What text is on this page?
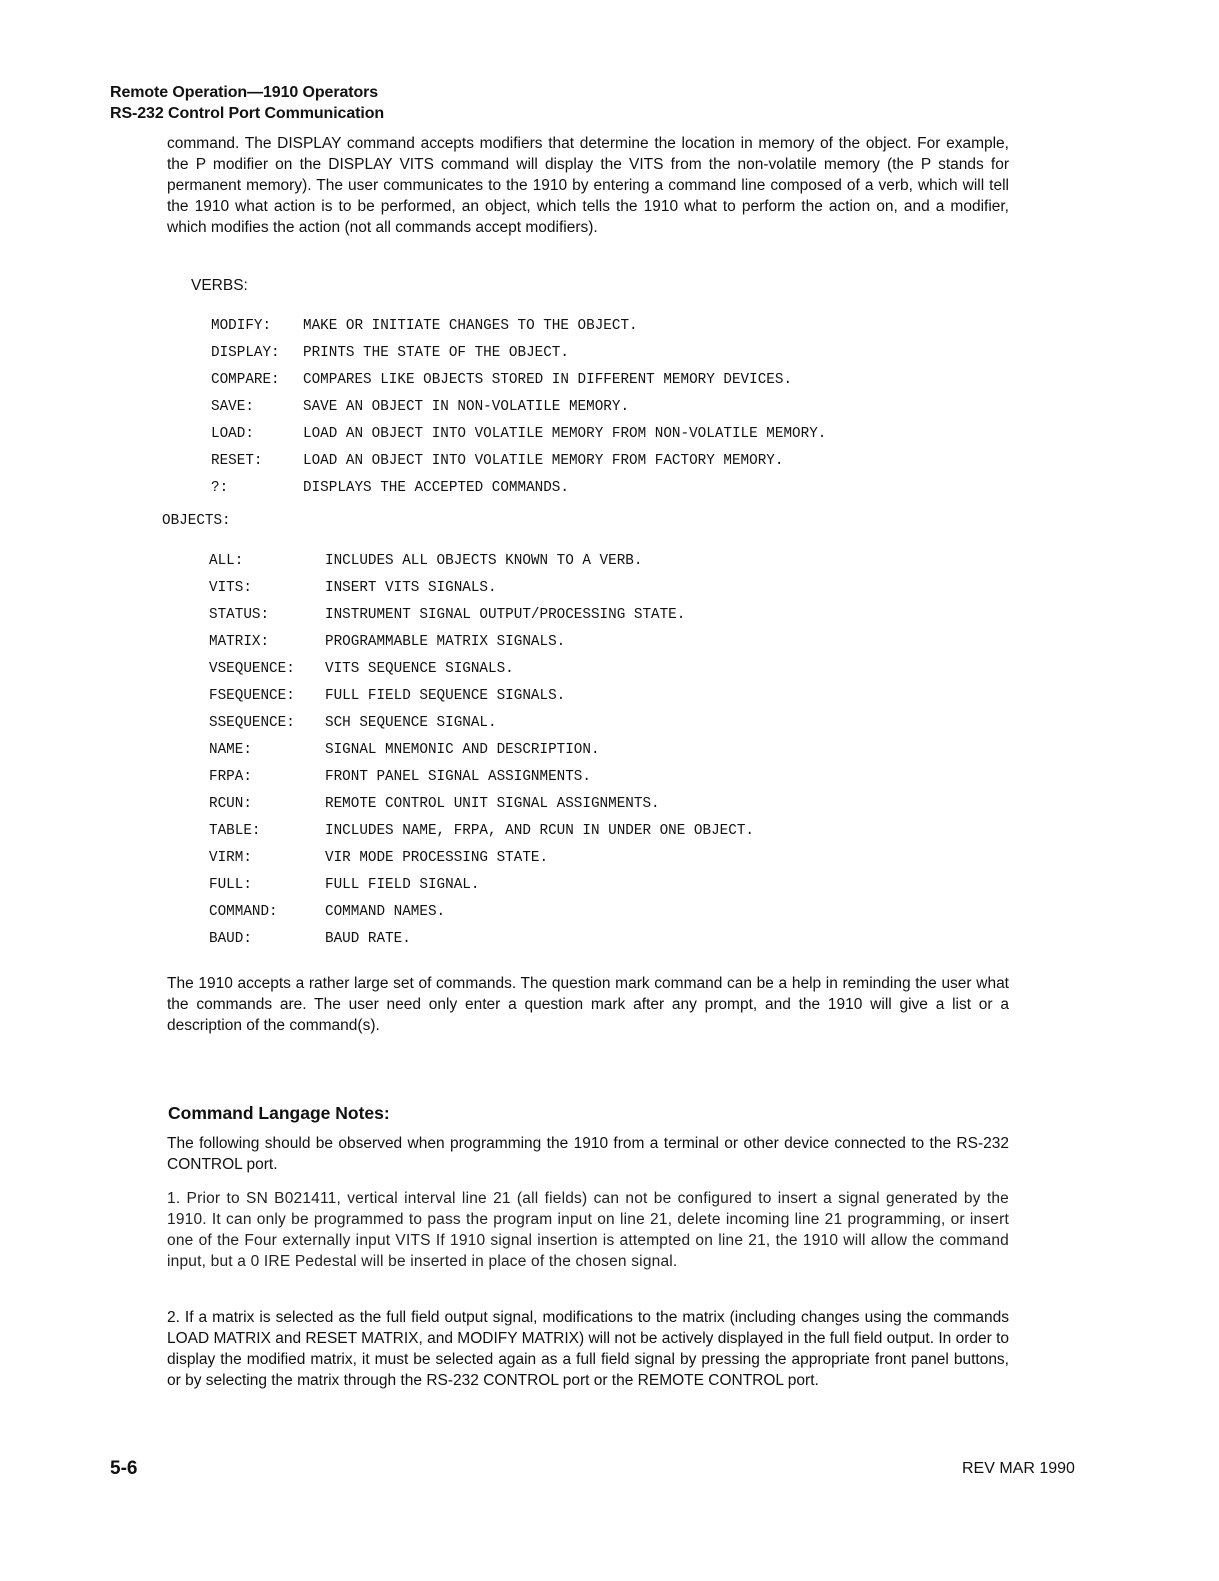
Remote Operation—1910 Operators
RS-232 Control Port Communication
command. The DISPLAY command accepts modifiers that determine the location in memory of the object. For example, the P modifier on the DISPLAY VITS command will display the VITS from the non-volatile memory (the P stands for permanent memory). The user communicates to the 1910 by entering a command line composed of a verb, which will tell the 1910 what action is to be performed, an object, which tells the 1910 what to perform the action on, and a modifier, which modifies the action (not all commands accept modifiers).
VERBS:
MODIFY: MAKE OR INITIATE CHANGES TO THE OBJECT.
DISPLAY: PRINTS THE STATE OF THE OBJECT.
COMPARE: COMPARES LIKE OBJECTS STORED IN DIFFERENT MEMORY DEVICES.
SAVE:	SAVE AN OBJECT IN NON-VOLATILE MEMORY.
LOAD:	LOAD AN OBJECT INTO VOLATILE MEMORY FROM NON-VOLATILE MEMORY.
RESET:	LOAD AN OBJECT INTO VOLATILE MEMORY FROM FACTORY MEMORY.
?:	DISPLAYS THE ACCEPTED COMMANDS.
OBJECTS:
ALL:	INCLUDES ALL OBJECTS KNOWN TO A VERB.
VITS:	INSERT VITS SIGNALS.
STATUS:	INSTRUMENT SIGNAL OUTPUT/PROCESSING STATE.
MATRIX:	PROGRAMMABLE MATRIX SIGNALS.
VSEQUENCE: VITS SEQUENCE SIGNALS.
FSEQUENCE: FULL FIELD SEQUENCE SIGNALS.
SSEQUENCE: SCH SEQUENCE SIGNAL.
NAME:	SIGNAL MNEMONIC AND DESCRIPTION.
FRPA:	FRONT PANEL SIGNAL ASSIGNMENTS.
RCUN:	REMOTE CONTROL UNIT SIGNAL ASSIGNMENTS.
TABLE:	INCLUDES NAME, FRPA, AND RCUN IN UNDER ONE OBJECT.
VIRM:	VIR MODE PROCESSING STATE.
FULL:	FULL FIELD SIGNAL.
COMMAND:	COMMAND NAMES.
BAUD:	BAUD RATE.
The 1910 accepts a rather large set of commands. The question mark command can be a help in reminding the user what the commands are. The user need only enter a question mark after any prompt, and the 1910 will give a list or a description of the command(s).
Command Langage Notes:
The following should be observed when programming the 1910 from a terminal or other device connected to the RS-232 CONTROL port.
1. Prior to SN B021411, vertical interval line 21 (all fields) can not be configured to insert a signal generated by the 1910. It can only be programmed to pass the program input on line 21, delete incoming line 21 programming, or insert one of the Four externally input VITS If 1910 signal insertion is attempted on line 21, the 1910 will allow the command input, but a 0 IRE Pedestal will be inserted in place of the chosen signal.
2. If a matrix is selected as the full field output signal, modifications to the matrix (including changes using the commands LOAD MATRIX and RESET MATRIX, and MODIFY MATRIX) will not be actively displayed in the full field output. In order to display the modified matrix, it must be selected again as a full field signal by pressing the appropriate front panel buttons, or by selecting the matrix through the RS-232 CONTROL port or the REMOTE CONTROL port.
5-6	REV MAR 1990
